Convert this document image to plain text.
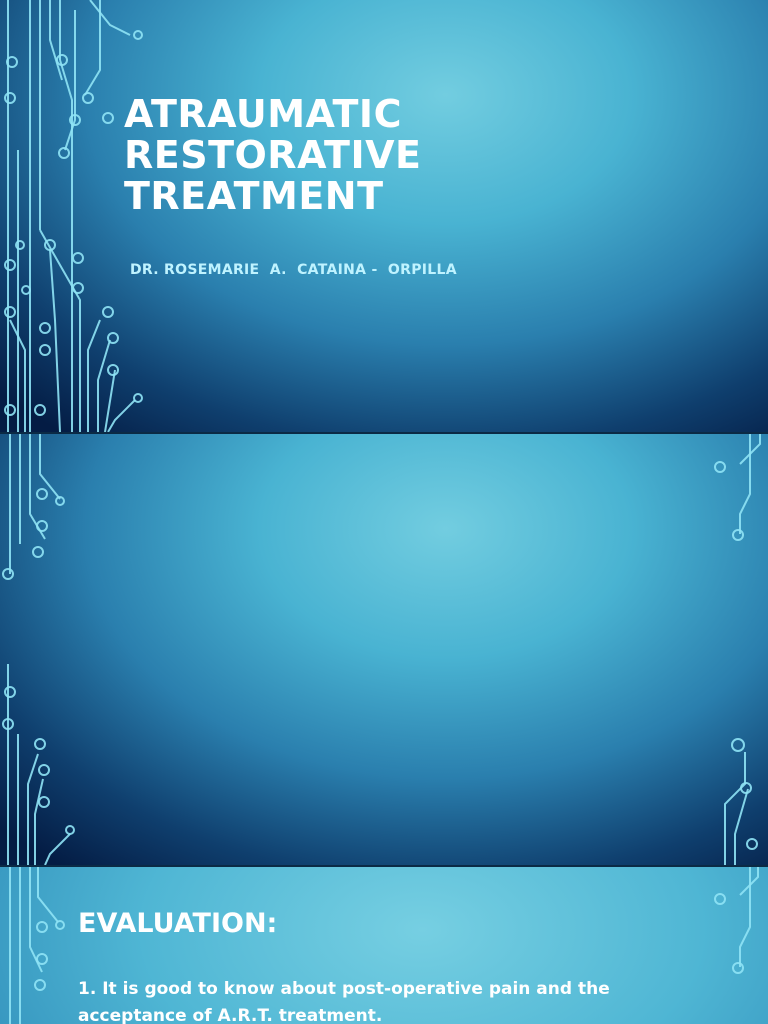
ATRAUMATIC RESTORATIVE TREATMENT
DR. ROSEMARIE  A.  CATAINA -  ORPILLA
EVALUATION:
1. It is good to know about post-operative pain and the acceptance of A.R.T. treatment.
